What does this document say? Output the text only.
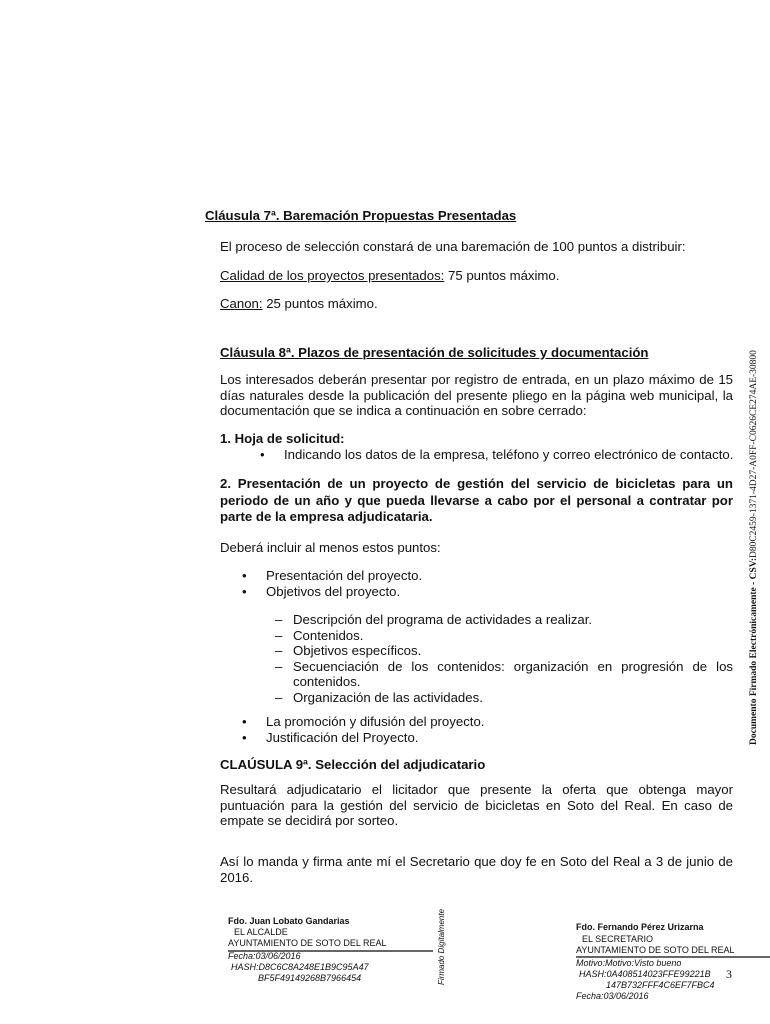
Cláusula 7ª. Baremación Propuestas Presentadas
El proceso de selección constará de una baremación de 100 puntos a distribuir:
Calidad de los proyectos presentados: 75 puntos máximo.
Canon: 25 puntos máximo.
Cláusula 8ª. Plazos de presentación de solicitudes y documentación
Los interesados deberán presentar por registro de entrada, en un plazo máximo de 15 días naturales desde la publicación del presente pliego en la página web municipal, la documentación que se indica a continuación en sobre cerrado:
1. Hoja de solicitud:
• Indicando los datos de la empresa, teléfono y correo electrónico de contacto.
2. Presentación de un proyecto de gestión del servicio de bicicletas para un periodo de un año y que pueda llevarse a cabo por el personal a contratar por parte de la empresa adjudicataria.
Deberá incluir al menos estos puntos:
• Presentación del proyecto.
• Objetivos del proyecto.
– Descripción del programa de actividades a realizar.
– Contenidos.
– Objetivos específicos.
– Secuenciación de los contenidos: organización en progresión de los contenidos.
– Organización de las actividades.
• La promoción y difusión del proyecto.
• Justificación del Proyecto.
CLAÚSULA 9ª. Selección del adjudicatario
Resultará adjudicatario el licitador que presente la oferta que obtenga mayor puntuación para la gestión del servicio de bicicletas en Soto del Real. En caso de empate se decidirá por sorteo.
Así lo manda y firma ante mí el Secretario que doy fe en Soto del Real a 3 de junio de 2016.
Fdo. Juan Lobato Gandarias
EL ALCALDE
AYUNTAMIENTO DE SOTO DEL REAL
Fecha:03/06/2016
HASH:D8C6C8A248E1B9C95A47
BF5F49149268B7966454	Firmado Digitalmente	Fdo. Fernando Pérez Urizarna
EL SECRETARIO
AYUNTAMIENTO DE SOTO DEL REAL
Motivo:Motivo:Visto bueno
HASH:0A408514023FFE99221B
147B732FFF4C6EF7FBC4
Fecha:03/06/2016
3
Documento Firmado Electrónicamente - CSV:D80C2459-1371-4D27-A0FF-C0626CE274AE-30800
